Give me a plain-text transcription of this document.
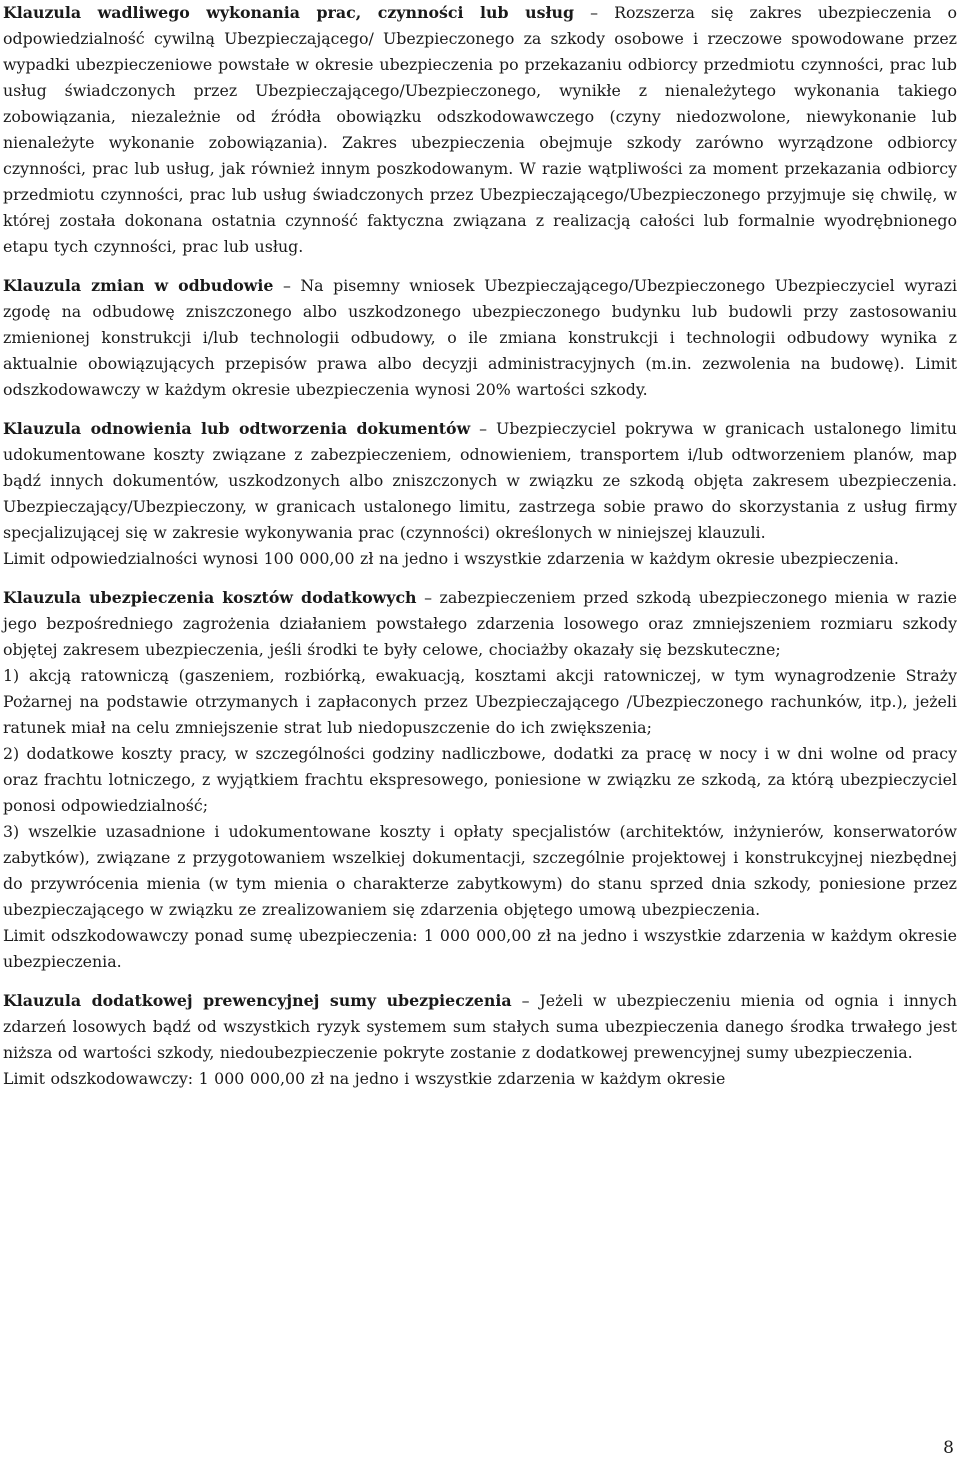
Klauzula wadliwego wykonania prac, czynności lub usług – Rozszerza się zakres ubezpieczenia o odpowiedzialność cywilną Ubezpieczającego/ Ubezpieczonego za szkody osobowe i rzeczowe spowodowane przez wypadki ubezpieczeniowe powstałe w okresie ubezpieczenia po przekazaniu odbiorcy przedmiotu czynności, prac lub usług świadczonych przez Ubezpieczającego/Ubezpieczonego, wynikłe z nienależytego wykonania takiego zobowiązania, niezależnie od źródła obowiązku odszkodowawczego (czyny niedozwolone, niewykonanie lub nienależyte wykonanie zobowiązania). Zakres ubezpieczenia obejmuje szkody zarówno wyrządzone odbiorcy czynności, prac lub usług, jak również innym poszkodowanym. W razie wątpliwości za moment przekazania odbiorcy przedmiotu czynności, prac lub usług świadczonych przez Ubezpieczającego/Ubezpieczonego przyjmuje się chwilę, w której została dokonana ostatnia czynność faktyczna związana z realizacją całości lub formalnie wyodrębnionego etapu tych czynności, prac lub usług.
Klauzula zmian w odbudowie – Na pisemny wniosek Ubezpieczającego/Ubezpieczonego Ubezpieczyciel wyrazi zgodę na odbudowę zniszczonego albo uszkodzonego ubezpieczonego budynku lub budowli przy zastosowaniu zmienionej konstrukcji i/lub technologii odbudowy, o ile zmiana konstrukcji i technologii odbudowy wynika z aktualnie obowiązujących przepisów prawa albo decyzji administracyjnych (m.in. zezwolenia na budowę). Limit odszkodowawczy w każdym okresie ubezpieczenia wynosi 20% wartości szkody.
Klauzula odnowienia lub odtworzenia dokumentów – Ubezpieczyciel pokrywa w granicach ustalonego limitu udokumentowane koszty związane z zabezpieczeniem, odnowieniem, transportem i/lub odtworzeniem planów, map bądź innych dokumentów, uszkodzonych albo zniszczonych w związku ze szkodą objęta zakresem ubezpieczenia. Ubezpieczający/Ubezpieczony, w granicach ustalonego limitu, zastrzega sobie prawo do skorzystania z usług firmy specjalizującej się w zakresie wykonywania prac (czynności) określonych w niniejszej klauzuli.
Limit odpowiedzialności wynosi 100 000,00 zł na jedno i wszystkie zdarzenia w każdym okresie ubezpieczenia.
Klauzula ubezpieczenia kosztów dodatkowych – zabezpieczeniem przed szkodą ubezpieczonego mienia w razie jego bezpośredniego zagrożenia działaniem powstałego zdarzenia losowego oraz zmniejszeniem rozmiaru szkody objętej zakresem ubezpieczenia, jeśli środki te były celowe, chociażby okazały się bezskuteczne;
1) akcją ratowniczą (gaszeniem, rozbiórką, ewakuacją, kosztami akcji ratowniczej, w tym wynagrodzenie Straży Pożarnej na podstawie otrzymanych i zapłaconych przez Ubezpieczającego /Ubezpieczonego rachunków, itp.), jeżeli ratunek miał na celu zmniejszenie strat lub niedopuszczenie do ich zwiększenia;
2) dodatkowe koszty pracy, w szczególności godziny nadliczbowe, dodatki za pracę w nocy i w dni wolne od pracy oraz frachtu lotniczego, z wyjątkiem frachtu ekspresowego, poniesione w związku ze szkodą, za którą ubezpieczyciel ponosi odpowiedzialność;
3) wszelkie uzasadnione i udokumentowane koszty i opłaty specjalistów (architektów, inżynierów, konserwatorów zabytków), związane z przygotowaniem wszelkiej dokumentacji, szczególnie projektowej i konstrukcyjnej niezbędnej do przywrócenia mienia (w tym mienia o charakterze zabytkowym) do stanu sprzed dnia szkody, poniesione przez ubezpieczającego w związku ze zrealizowaniem się zdarzenia objętego umową ubezpieczenia.
Limit odszkodowawczy ponad sumę ubezpieczenia: 1 000 000,00 zł na jedno i wszystkie zdarzenia w każdym okresie ubezpieczenia.
Klauzula dodatkowej prewencyjnej sumy ubezpieczenia – Jeżeli w ubezpieczeniu mienia od ognia i innych zdarzeń losowych bądź od wszystkich ryzyk systemem sum stałych suma ubezpieczenia danego środka trwałego jest niższa od wartości szkody, niedoubezpieczenie pokryte zostanie z dodatkowej prewencyjnej sumy ubezpieczenia.
Limit odszkodowawczy: 1 000 000,00 zł na jedno i wszystkie zdarzenia w każdym okresie
8
